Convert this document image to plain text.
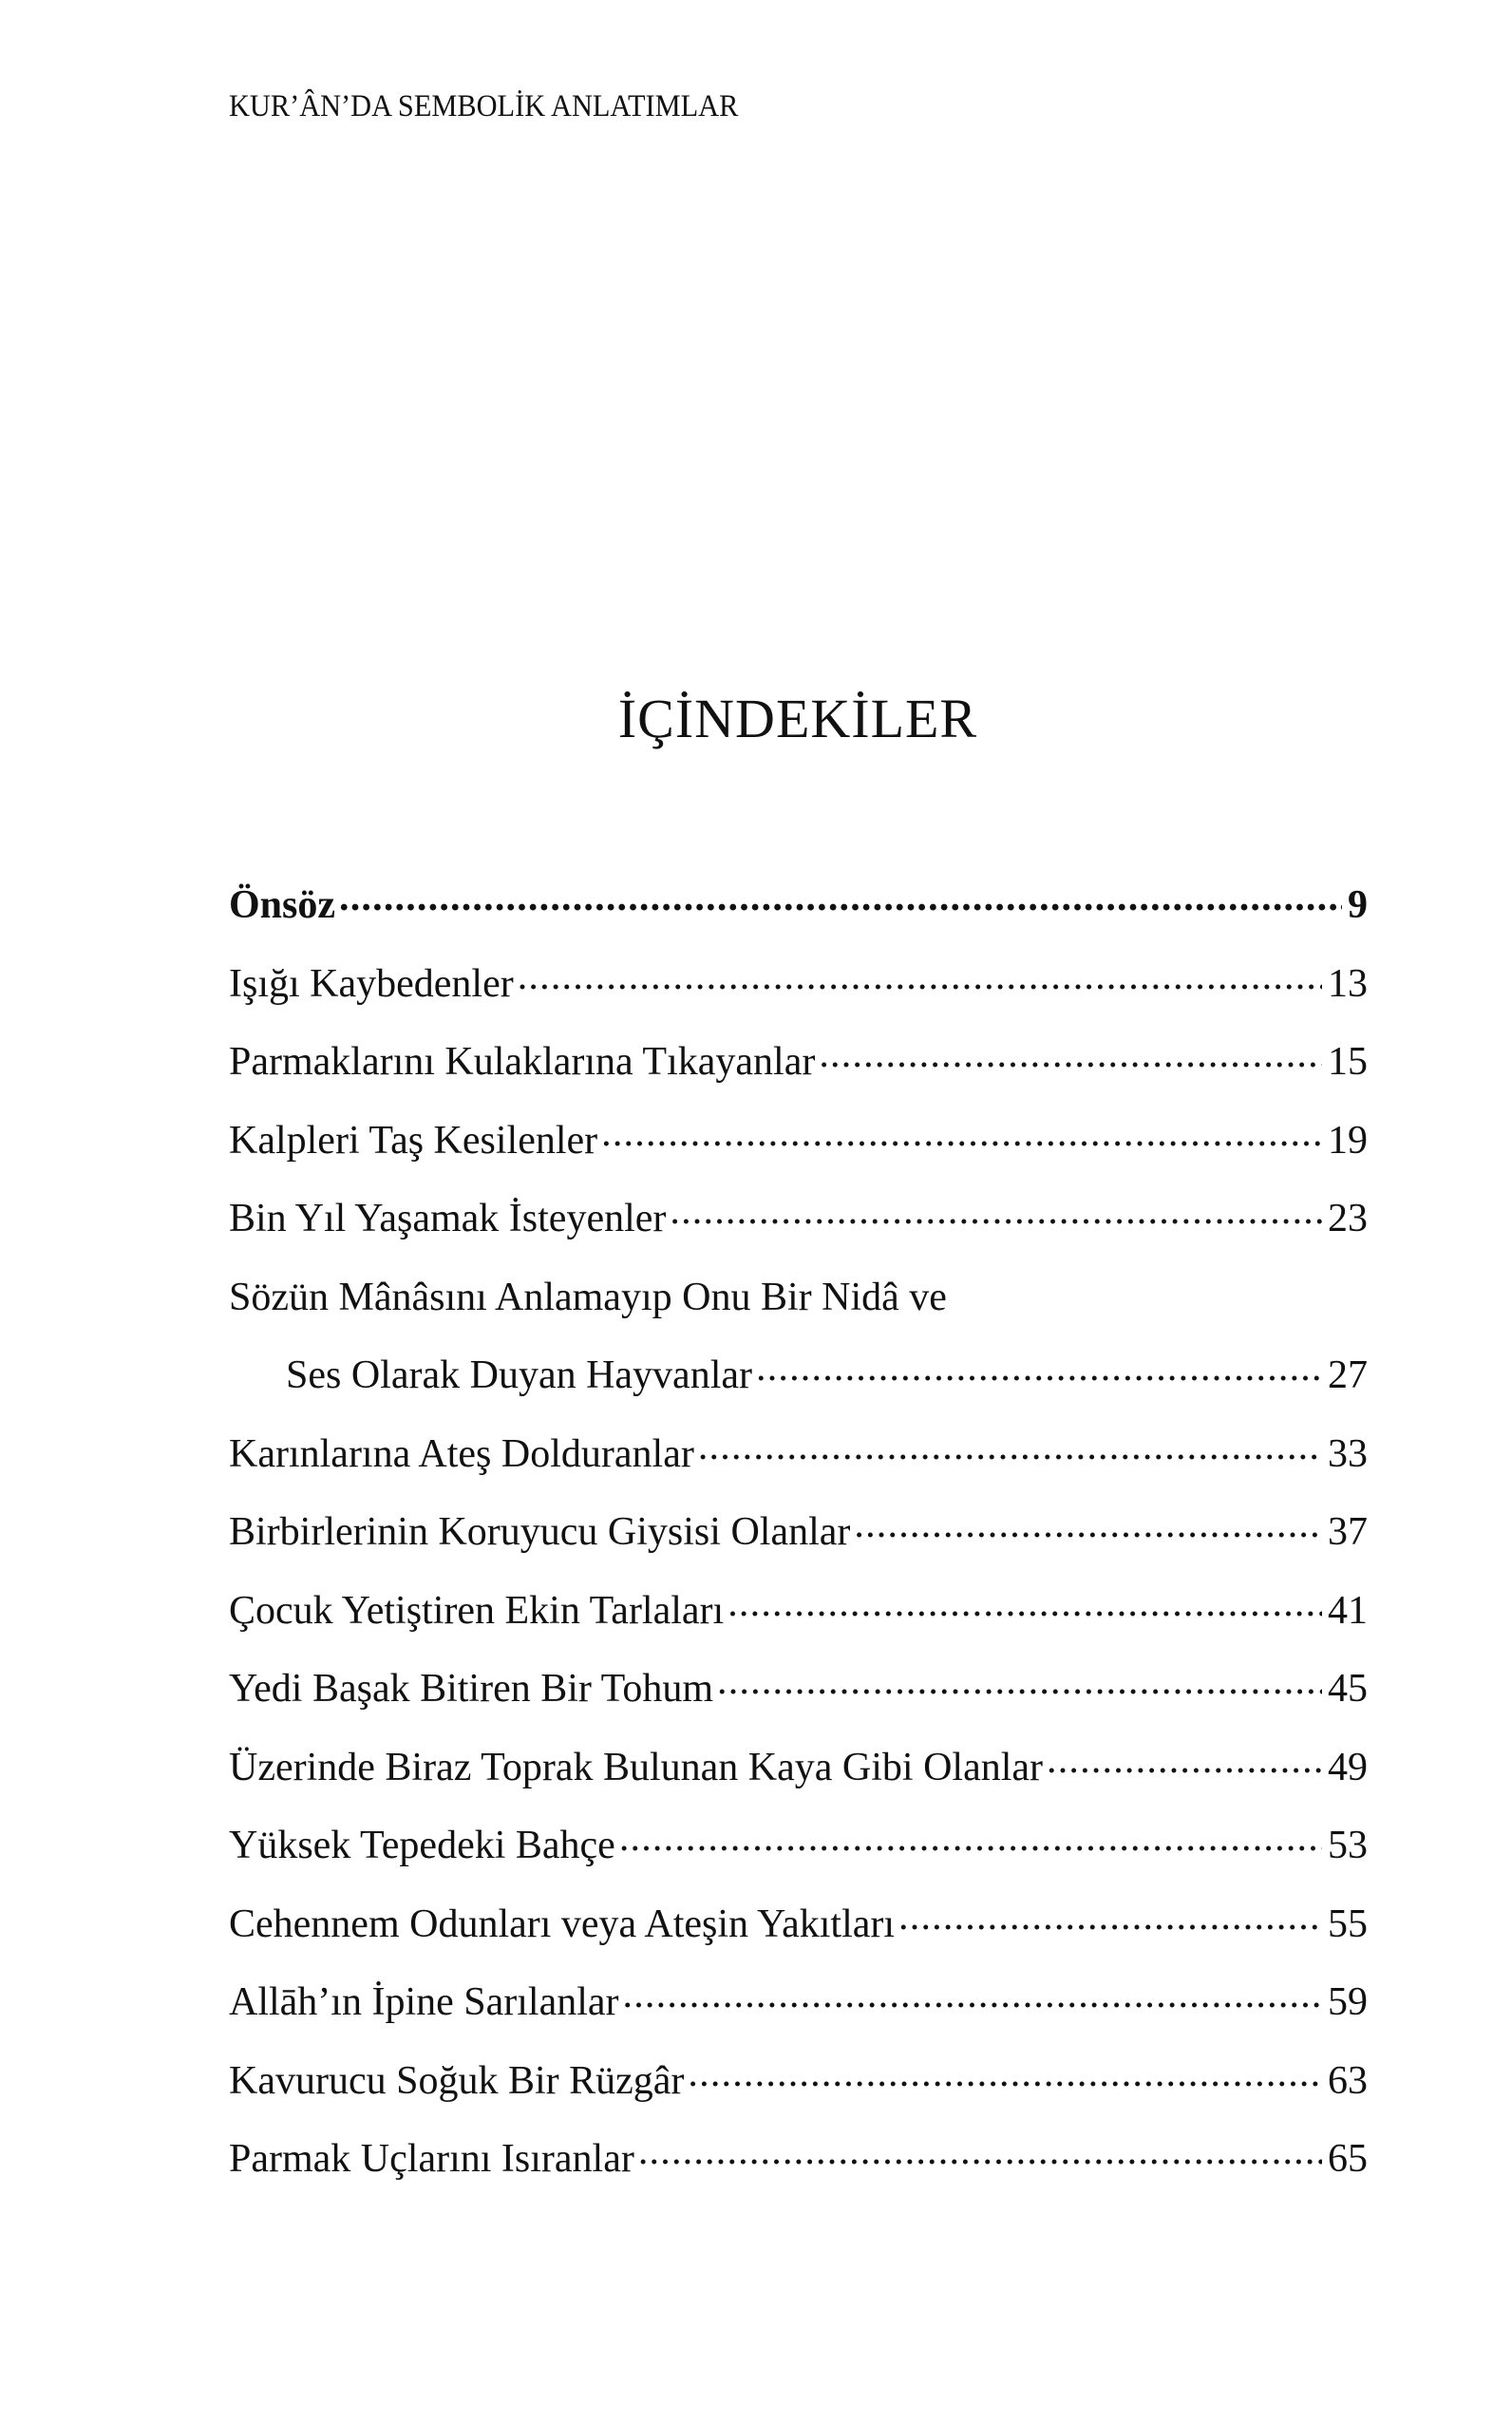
KUR’ÂN’DA SEMBOLİK ANLATIMLAR
İÇİNDEKİLER
Önsöz .....	9
Işığı Kaybedenler .....	13
Parmaklarını Kulaklarına Tıkayanlar .....	15
Kalpleri Taş Kesilenler .....	19
Bin Yıl Yaşamak İsteyenler .....	23
Sözün Mânâsını Anlamayıp Onu Bir Nidâ ve
Ses Olarak Duyan Hayvanlar .....	27
Karınlarına Ateş Dolduranlar .....	33
Birbirlerinin Koruyucu Giysisi Olanlar .....	37
Çocuk Yetiştiren Ekin Tarlaları .....	41
Yedi Başak Bitiren Bir Tohum .....	45
Üzerinde Biraz Toprak Bulunan Kaya Gibi Olanlar .....	49
Yüksek Tepedeki Bahçe .....	53
Cehennem Odunları veya Ateşin Yakıtları .....	55
Allāh’ın İpine Sarılanlar .....	59
Kavurucu Soğuk Bir Rüzgâr .....	63
Parmak Uçlarını Isıranlar .....	65
